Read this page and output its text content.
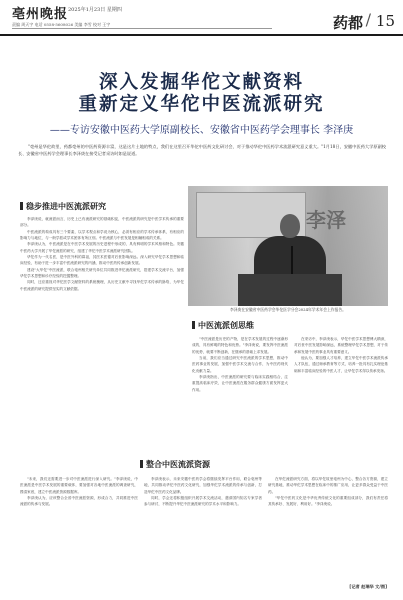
亳州晚报 2025年1月23日 星期四
责编 周天宇 电话 0558-5608026 美编 李雪 校对 王宇	药都 / 15
深入发掘华佗文献资料
重新定义华佗中医流派研究
——专访安徽中医药大学原副校长、安徽省中医药学会理事长 李泽庚
"亳州是华佗故里，药都亳州的中医药资源丰富，这是这片土地的特点，我们在这里召开华佗中医药文化研讨会，对于推动华佗中医药学术流派研究意义重大。"1月18日，安徽中医药大学原副校长、安徽省中医药学会理事长李泽庚在接受记者采访时如是说道。
稳步推进中医流派研究

李泽庚说，就流派而言，历史上已有流派研究的基础积淀，中医流派的研究是中医学术传承的重要部分。

中医流派的构成具有三个要素，以学术观点和学说为核心，必须有相应的学术传承体系，有相应的影响力与地位，与一般学派或学术团体有所区别。中医流派与中医发展是相辅相成的关系。

李泽庚认为，中医流派是在中医学术发展的历史进程中形成的，具有鲜明的学术风格和特色。安徽中医药大学开展了华佗流派的研究，组建了华佗中医学术流派研究团队。

华佗作为一代名医，是中医外科的鼻祖，其医术医德对后世影响深远。深入研究华佗学术思想和临床经验，有助于进一步丰富中医流派研究的内涵，推动中医药传承创新发展。

建设"大华佗"中医流派，联合亳州相关研究单位共同推进华佗流派研究，搭建学术交流平台，加强华佗学术思想和诊疗经验的挖掘整理。

同时，还应重视对华佗医学文献资料的系统梳理，从历史文献中寻找华佗学术传承的脉络，为华佗中医流派的研究提供坚实的文献依据。

李泽
李泽庚在安徽省中医药学会华佗医学分会2024年学术年会上作报告。
中医流派创思维

"中医流派是历史的产物，是在学术发展的过程中逐渐形成的，具有鲜明的特色和优势。"李泽庚说，要发挥中医流派的优势，就要不断创新，在继承的基础上求发展。

当前，我们应当通过研究中医流派的学术思想，推动中医药事业的发展，加强中医学术交流与合作，为中医药现代化贡献力量。

李泽庚指出，中医流派的研究要与临床实践相结合，注重提高临床疗效，让中医流派在服务群众健康方面发挥更大作用。

在采访中，李泽庚表示，华佗中医学术思想博大精深，对后世中医发展影响深远，系统整理华佗学术思想，对于传承和发展中医药事业具有重要意义。

他认为，要加强人才培养，建立华佗中医学术流派传承人才队伍，通过师承教育等方式，培养一批具有扎实理论基础和丰富临床经验的中医人才，让华佗学术得以传承发扬。

整合中医流派资源

"未来，我们还需要进一步对中医流派进行深入研究。"李泽庚说，中医流派是中医学术发展的重要载体，要加强对各地中医流派的调查研究，摸清家底，建立中医流派资源数据库。

李泽庚认为，应该整合全省中医流派资源，形成合力，共同推进中医流派的传承与发展。

李泽庚表示，未来安徽中医药学会将继续发挥平台作用，联合亳州等地，共同推动华佗中医药文化研究，加强华佗学术流派的传承与创新，打造华佗中医药文化品牌。

同时，学会还将积极组织开展学术交流活动，邀请国内知名专家学者参与研讨，不断提升华佗中医流派研究的学术水平和影响力。

在华佗流派研究方面，将以华佗故里亳州为中心，整合各方资源，建立研究基地，推动华佗学术思想在临床中的推广应用，让更多群众受益于中医药。

"华佗中医药文化是中华优秀传统文化的重要组成部分，我们有责任将其传承好、发展好、利用好。"李泽庚说。

[记者 赵瑞华 文/图]
